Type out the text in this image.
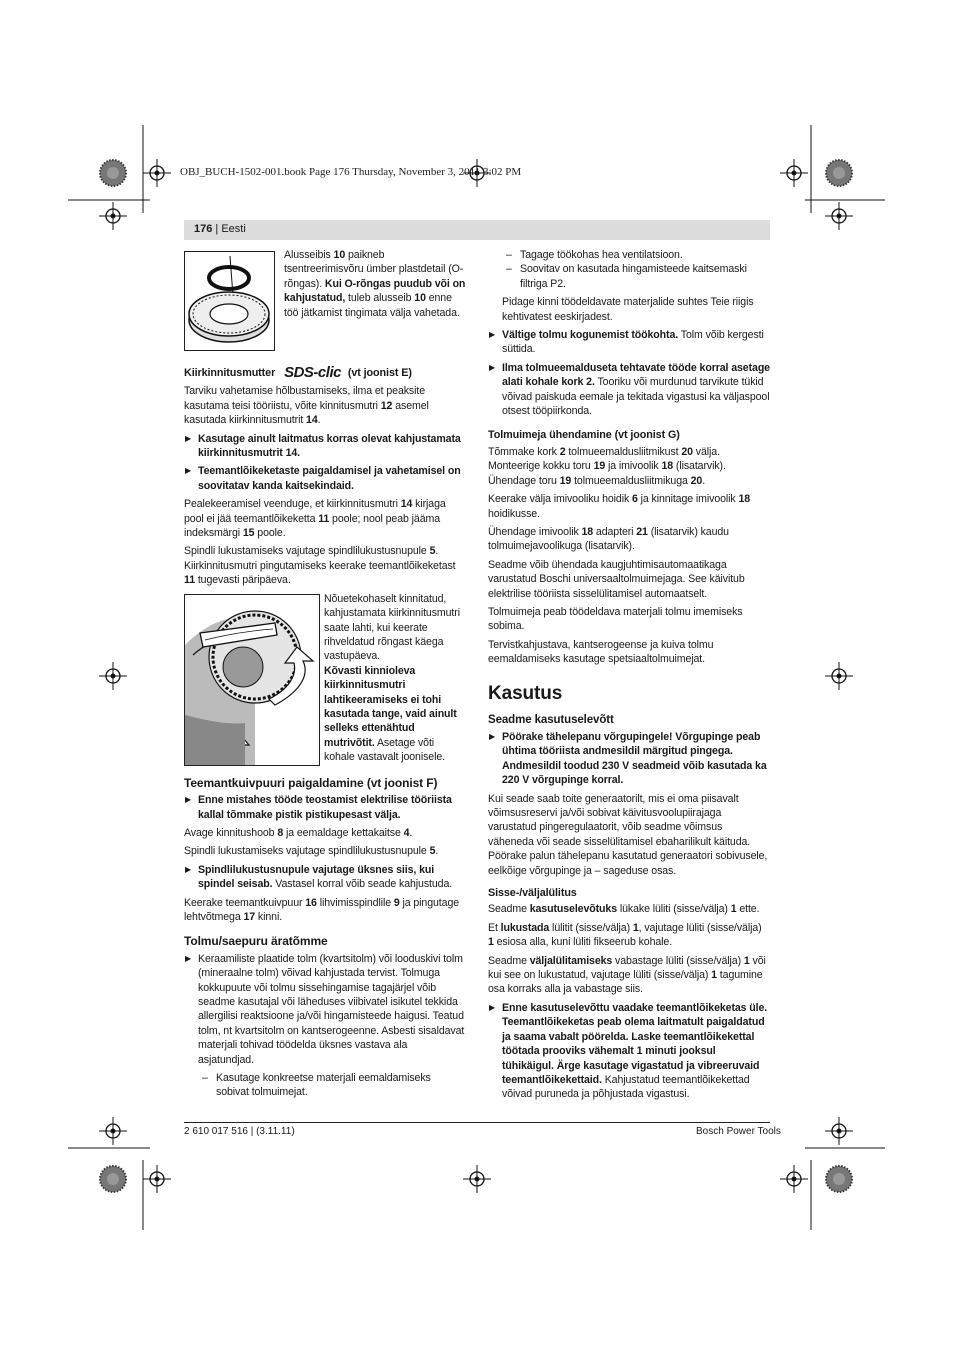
OBJ_BUCH-1502-001.book Page 176 Thursday, November 3, 2011 3:02 PM
176 | Eesti
Alusseibis 10 paikneb tsentreerimisvõru ümber plastdetail (O-rõngas). Kui O-rõngas puudub või on kahjustatud, tuleb alusseib 10 enne töö jätkamist tingimata välja vahetada.
Kiirkinnitusmutter SDS-clic (vt joonist E)

Tarviku vahetamise hõlbustamiseks, ilma et peaksite kasutama teisi tööriistu, võite kinnitusmutri 12 asemel kasutada kiirkinnitusmutrit 14.

▶ Kasutage ainult laitmatus korras olevat kahjustamata kiirkinnitusmutrit 14.

▶ Teemantlõikeketaste paigaldamisel ja vahetamisel on soovitatav kanda kaitsekindaid.

Pealekeeramisel veenduge, et kiirkinnitusmutri 14 kirjaga pool ei jää teemantlõikeketta 11 poole; nool peab jääma indeksmärgi 15 poole.

Spindli lukustamiseks vajutage spindlilukustusnupule 5. Kiirkinnitusmutri pingutamiseks keerake teemantlõikeketast 11 tugevasti päripäeva.

Nõuetekohaselt kinnitatud, kahjustamata kiirkinnitusmutri saate lahti, kui keerate rihveldatud rõngast käega vastupäeva.
Kõvasti kinnioleva kiirkinnitusmutri lahtikeeramiseks ei tohi kasutada tange, vaid ainult selleks ettenähtud mutrivõtit. Asetage võti kohale vastavalt joonisele.
Teemantkuivpuuri paigaldamine (vt joonist F)

▶ Enne mistahes tööde teostamist elektrilise tööriista kallal tõmmake pistik pistikupesast välja.

Avage kinnitushoob 8 ja eemaldage kettakaitse 4.

Spindli lukustamiseks vajutage spindlilukustusnupule 5.

▶ Spindlilukustusnupule vajutage üksnes siis, kui spindel seisab. Vastasel korral võib seade kahjustuda.

Keerake teemantkuivpuur 16 lihvimisspindlile 9 ja pingutage lehtvõtmega 17 kinni.

Tolmu/saepuru äratõmme

▶ Keraamiliste plaatide tolm (kvartsitolm) või looduskivi tolm (mineraalne tolm) võivad kahjustada tervist. Tolmuga kokkupuute või tolmu sissehingamise tagajärjel võib seadme kasutajal või läheduses viibivatel isikutel tekkida allergilisi reaktsioone ja/või hingamisteede haigusi. Teatud tolm, nt kvartsitolm on kantserogeenne. Asbesti sisaldavat materjali tohivad töödelda üksnes vastava ala asjatundjad.

– Kasutage konkreetse materjali eemaldamiseks sobivat tolmuimejat.

– Tagage töökohas hea ventilatsioon.

– Soovitav on kasutada hingamisteede kaitsemaski filtriga P2.

Pidage kinni töödeldavate materjalide suhtes Teie riigis kehtivatest eeskirjadest.

▶ Vältige tolmu kogunemist töökohta. Tolm võib kergesti süttida.

▶ Ilma tolmueemalduseta tehtavate tööde korral asetage alati kohale kork 2. Tooriku või murdunud tarvikute tükid võivad paiskuda eemale ja tekitada vigastusi ka väljaspool otsest tööpiirkonda.

Tolmuimeja ühendamine (vt joonist G)

Tõmmake kork 2 tolmueemaldusliitmikust 20 välja. Monteerige kokku toru 19 ja imivoolik 18 (lisatarvik). Ühendage toru 19 tolmueemaldusliitmikuga 20.

Keerake välja imivooliku hoidik 6 ja kinnitage imivoolik 18 hoidikusse.

Ühendage imivoolik 18 adapteri 21 (lisatarvik) kaudu tolmuimejavoolikuga (lisatarvik).

Seadme võib ühendada kaugjuhtimisautomaatikaga varustatud Boschi universaaltolmuimejaga. See käivitub elektrilise tööriista sisselülitamisel automaatselt.

Tolmuimeja peab töödeldava materjali tolmu imemiseks sobima.

Tervistkahjustava, kantserogeense ja kuiva tolmu eemaldamiseks kasutage spetsiaaltolmuimejat.

Kasutus
Seadme kasutuselevõtt

▶ Pöörake tähelepanu võrgupingele! Võrgupinge peab ühtima tööriista andmesildil märgitud pingega. Andmesildil toodud 230 V seadmeid võib kasutada ka 220 V võrgupinge korral.

Kui seade saab toite generaatorilt, mis ei oma piisavalt võimsusreservi ja/või sobivat käivitusvoolupiirajaga varustatud pingeregulaatorit, võib seadme võimsus väheneda või seade sisselülitamisel ebaharilikult käituda.

Pöörake palun tähelepanu kasutatud generaatori sobivusele, eelkõige võrgupinge ja – sageduse osas.

Sisse-/väljalülitus

Seadme kasutuselevõtuks lükake lüliti (sisse/välja) 1 ette.

Et lukustada lülitit (sisse/välja) 1, vajutage lüliti (sisse/välja) 1 esiosa alla, kuni lüliti fikseerub kohale.

Seadme väljalülitamiseks vabastage lüliti (sisse/välja) 1 või kui see on lukustatud, vajutage lüliti (sisse/välja) 1 tagumine osa korraks alla ja vabastage siis.

▶ Enne kasutuselevõttu vaadake teemantlõikeketas üle. Teemantlõikeketas peab olema laitmatult paigaldatud ja saama vabalt pöörelda. Laske teemantlõikekettal töötada prooviks vähemalt 1 minuti jooksul tühikäigul. Ärge kasutage vigastatud ja vibreeruvaid teemantlõikekettaid. Kahjustatud teemantlõikekettad võivad puruneda ja põhjustada vigastusi.

2 610 017 516 | (3.11.11)	Bosch Power Tools
